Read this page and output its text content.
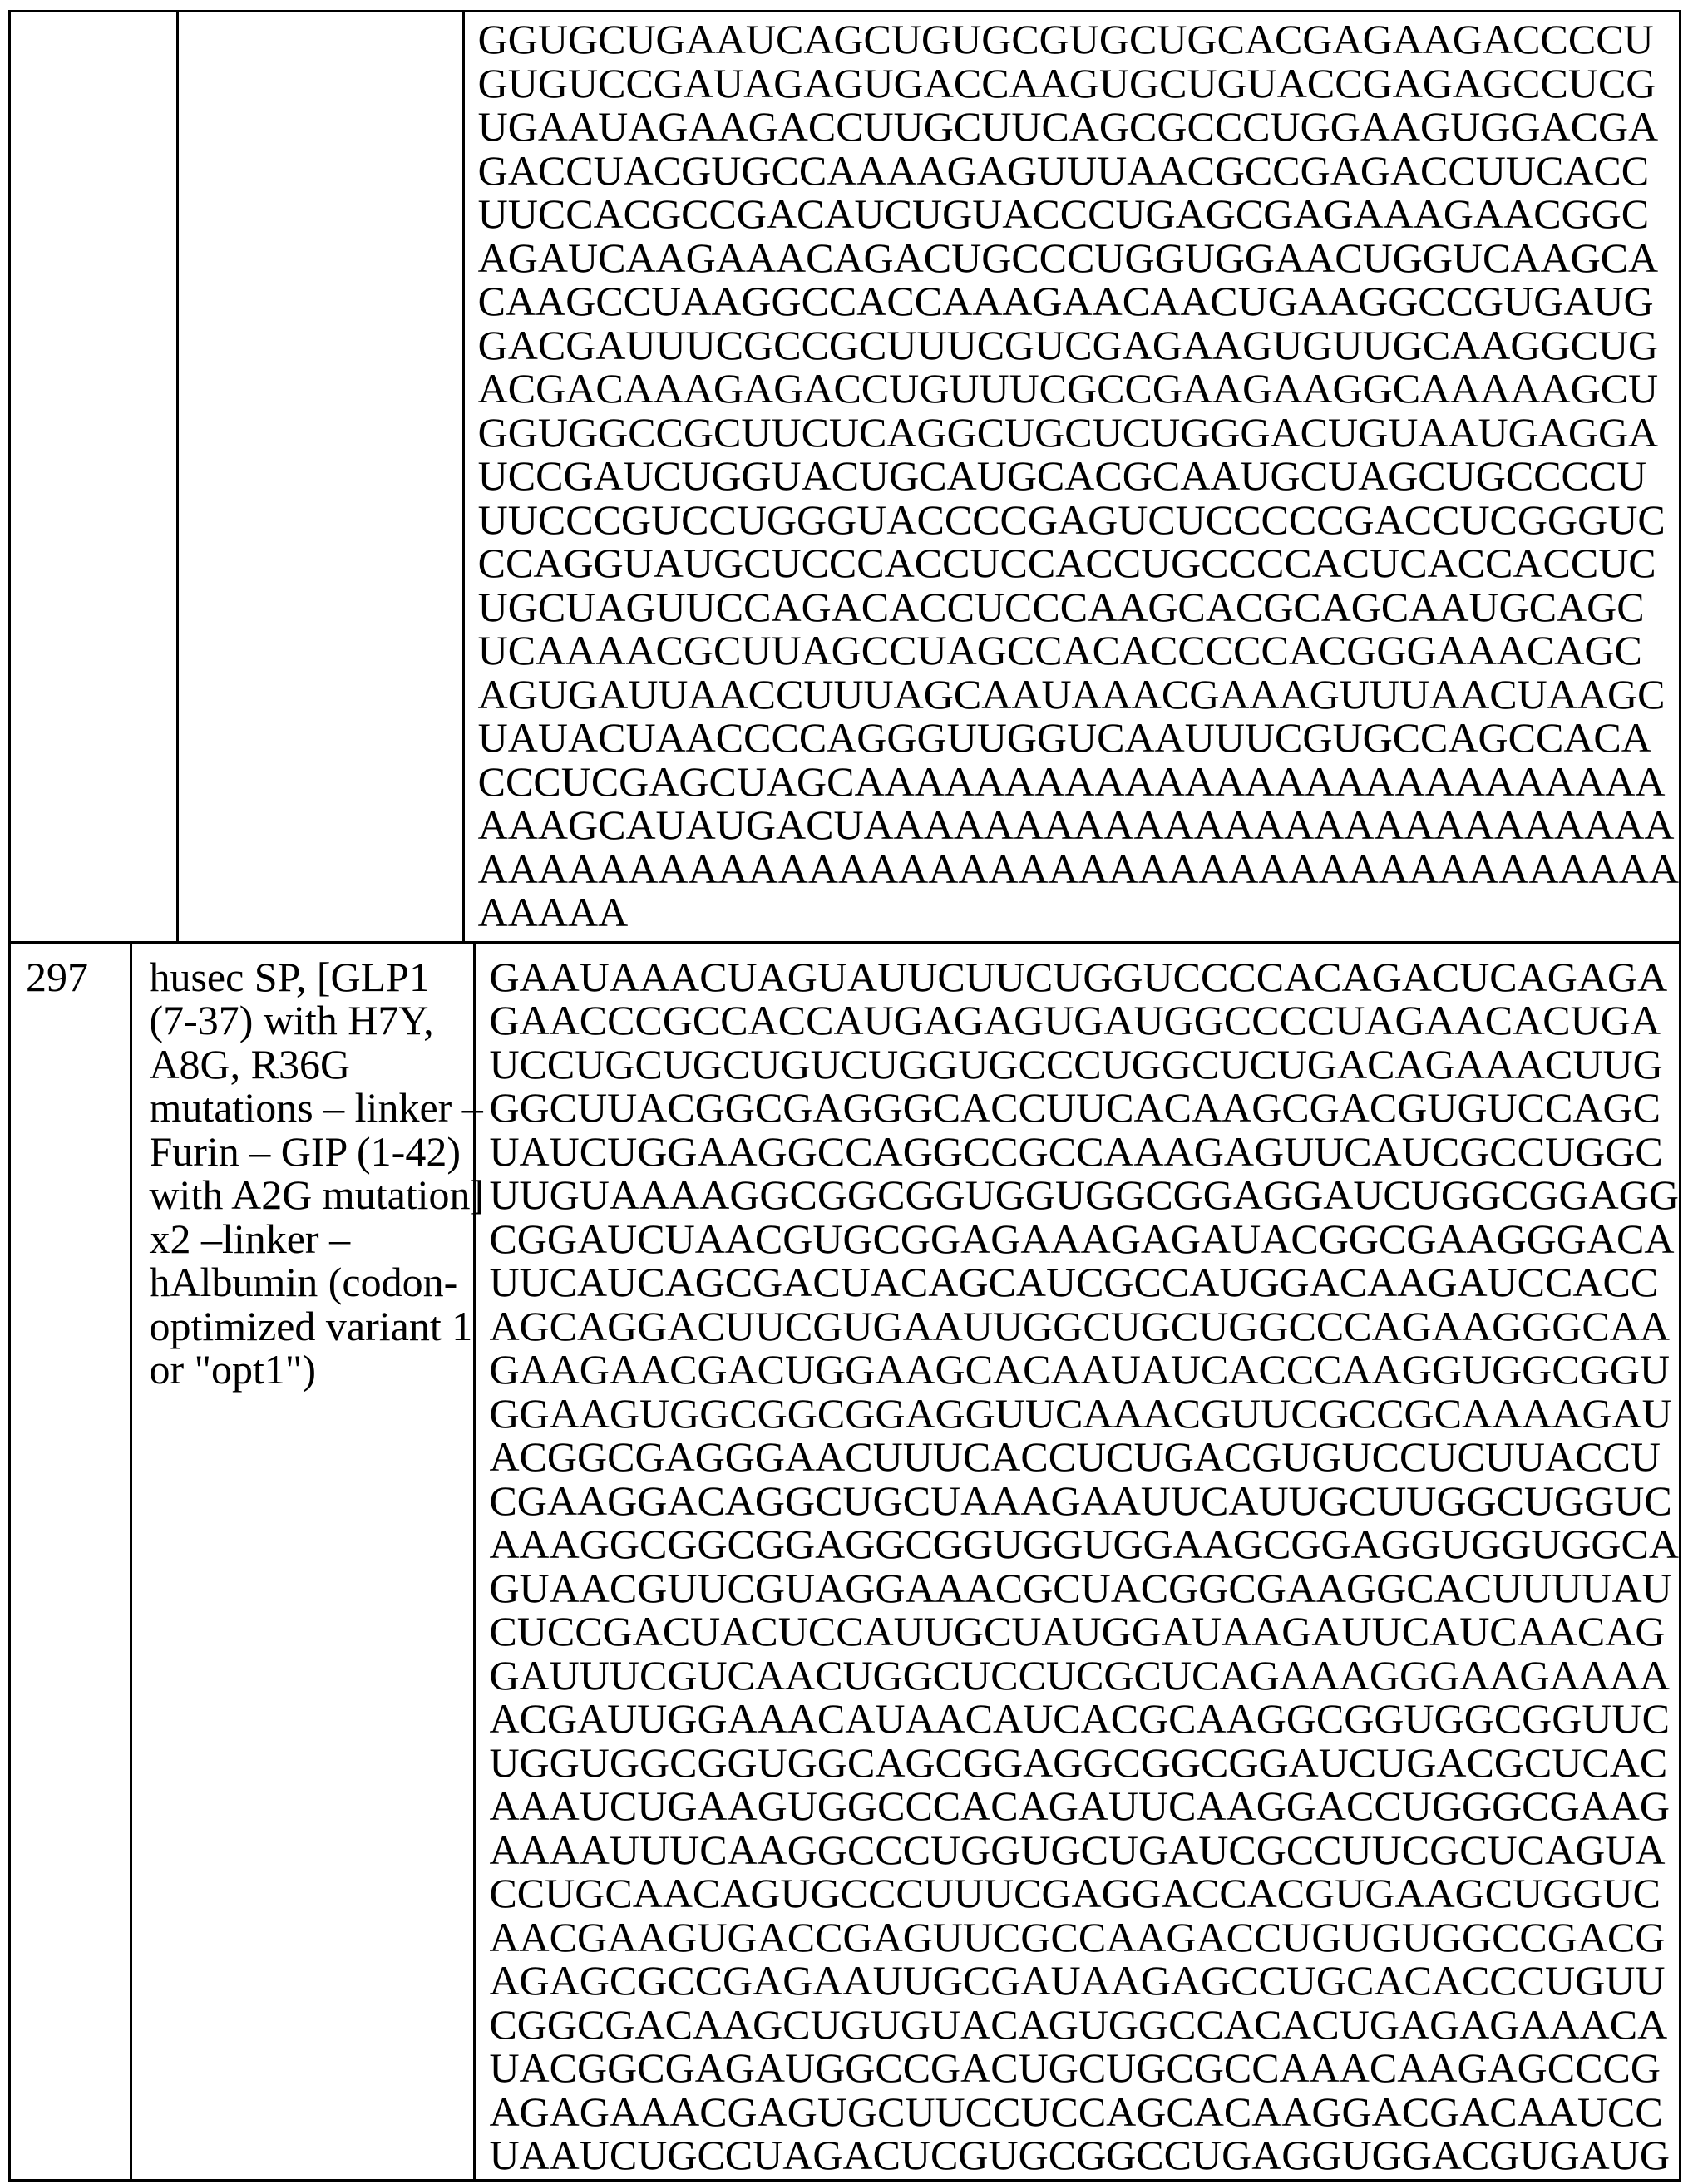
GGUGCUGAAUCAGCUGUGCGUGCUGCACGAGAAGACCCCU
GUGUCCGAUAGAGUGACCAAGUGCUGUACCGAGAGCCUCG
UGAAUAGAAGACCUUGCUUCAGCGCCCUGGAAGUGGACGA
GACCUACGUGCCAAAAGAGUUUAACGCCGAGACCUUCACC
UUCCACGCCGACAUCUGUACCCUGAGCGAGAAAGAACGGC
AGAUCAAGAAACAGACUGCCCUGGUGGAACUGGUCAAGCA
CAAGCCUAAGGCCACCAAAGAACAACUGAAGGCCGUGAUG
GACGAUUUCGCCGCUUUCGUCGAGAAGUGUUGCAAGGCUG
ACGACAAAGAGACCUGUUUCGCCGAAGAAGGCAAAAAGCU
GGUGGCCGCUUCUCAGGCUGCUCUGGGACUGUAAUGAGGA
UCCGAUCUGGUACUGCAUGCACGCAAUGCUAGCUGCCCCU
UUCCCGUCCUGGGUACCCCGAGUCUCCCCCGACCUCGGGUC
CCAGGUAUGCUCCCACCUCCACCUGCCCCACUCACCACCUC
UGCUAGUUCCAGACACCUCCCAAGCACGCAGCAAUGCAGC
UCAAAACGCUUAGCCUAGCCACACCCCCACGGGAAACAGC
AGUGAUUAACCUUUAGCAAUAAACGAAAGUUUAACUAAGC
UAUACUAACCCCAGGGUUGGUCAAUUUCGUGCCAGCCACA
CCCUCGAGCUAGCAAAAAAAAAAAAAAAAAAAAAAAAAAA
AAAGCAUAUGACUAAAAAAAAAAAAAAAAAAAAAAAAAAA
AAAAAAAAAAAAAAAAAAAAAAAAAAAAAAAAAAAAAAAA
AAAAA
297	husec SP, [GLP1
(7-37) with H7Y,
A8G, R36G
mutations – linker –
Furin – GIP (1-42)
with A2G mutation]
x2 –linker –
hAlbumin (codon-
optimized variant 1
or "opt1")
GAAUAAACUAGUAUUCUUCUGGUCCCCACAGACUCAGAGA
GAACCCGCCACCAUGAGAGUGAUGGCCCCUAGAACACUGA
UCCUGCUGCUGUCUGGUGCCCUGGCUCUGACAGAAACUUG
GGCUUACGGCGAGGGCACCUUCACAAGCGACGUGUCCAGC
UAUCUGGAAGGCCAGGCCGCCAAAGAGUUCAUCGCCUGGC
UUGUAAAAGGCGGCGGUGGUGGCGGAGGAUCUGGCGGAGG
CGGAUCUAACGUGCGGAGAAAGAGAUACGGCGAAGGGACA
UUCAUCAGCGACUACAGCAUCGCCAUGGACAAGAUCCACC
AGCAGGACUUCGUGAAUUGGCUGCUGGCCCAGAAGGGCAA
GAAGAACGACUGGAAGCACAAUAUCACCCAAGGUGGCGGU
GGAAGUGGCGGCGGAGGUUCAAACGUUCGCCGCAAAAGAU
ACGGCGAGGGAACUUUCACCUCUGACGUGUCCUCUUACCU
CGAAGGACAGGCUGCUAAAGAAUUCAUUGCUUGGCUGGUC
AAAGGCGGCGGAGGCGGUGGUGGAAGCGGAGGUGGUGGCA
GUAACGUUCGUAGGAAACGCUACGGCGAAGGCACUUUUAU
CUCCGACUACUCCAUUGCUAUGGAUAAGAUUCAUCAACAG
GAUUUCGUCAACUGGCUCCUCGCUCAGAAAGGGAAGAAAA
ACGAUUGGAAACAUAACAUCACGCAAGGCGGUGGCGGUUC
UGGUGGCGGUGGCAGCGGAGGCGGCGGAUCUGACGCUCAC
AAAUCUGAAGUGGCCCACAGAUUCAAGGACCUGGGCGAAG
AAAAUUUCAAGGCCCUGGUGCUGAUCGCCUUCGCUCAGUA
CCUGCAACAGUGCCCUUUCGAGGACCACGUGAAGCUGGUC
AACGAAGUGACCGAGUUCGCCAAGACCUGUGUGGCCGACG
AGAGCGCCGAGAAUUGCGAUAAGAGCCUGCACACCCUGUU
CGGCGACAAGCUGUGUACAGUGGCCACACUGAGAGAAACA
UACGGCGAGAUGGCCGACUGCUGCGCCAAACAAGAGCCCG
AGAGAAACGAGUGCUUCCUCCAGCACAAGGACGACAAUCC
UAAUCUGCCUAGACUCGUGCGGCCUGAGGUGGACGUGAUG
